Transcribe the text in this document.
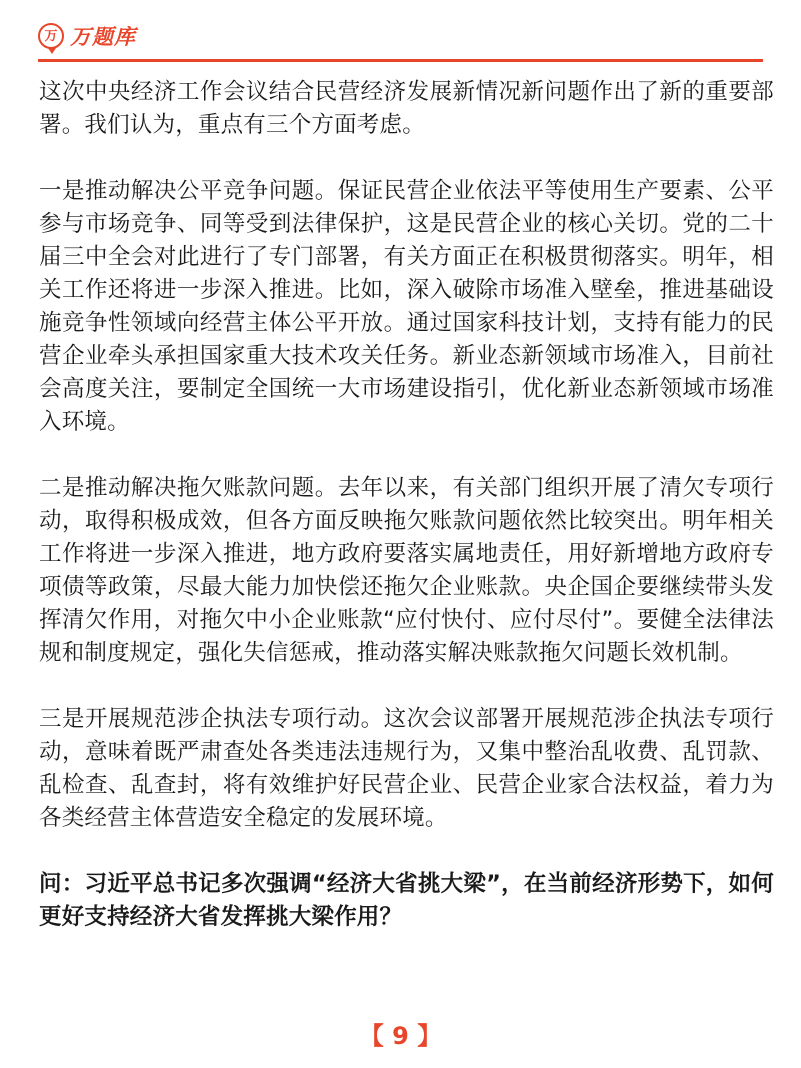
万 万题库

这次中央经济工作会议结合民营经济发展新情况新问题作出了新的重要部署。我们认为，重点有三个方面考虑。

一是推动解决公平竞争问题。保证民营企业依法平等使用生产要素、公平参与市场竞争、同等受到法律保护，这是民营企业的核心关切。党的二十届三中全会对此进行了专门部署，有关方面正在积极贯彻落实。明年，相关工作还将进一步深入推进。比如，深入破除市场准入壁垒，推进基础设施竞争性领域向经营主体公平开放。通过国家科技计划，支持有能力的民营企业牵头承担国家重大技术攻关任务。新业态新领域市场准入，目前社会高度关注，要制定全国统一大市场建设指引，优化新业态新领域市场准入环境。

二是推动解决拖欠账款问题。去年以来，有关部门组织开展了清欠专项行动，取得积极成效，但各方面反映拖欠账款问题依然比较突出。明年相关工作将进一步深入推进，地方政府要落实属地责任，用好新增地方政府专项债等政策，尽最大能力加快偿还拖欠企业账款。央企国企要继续带头发挥清欠作用，对拖欠中小企业账款“应付快付、应付尽付”。要健全法律法规和制度规定，强化失信惩戒，推动落实解决账款拖欠问题长效机制。

三是开展规范涉企执法专项行动。这次会议部署开展规范涉企执法专项行动，意味着既严肃查处各类违法违规行为，又集中整治乱收费、乱罚款、乱检查、乱查封，将有效维护好民营企业、民营企业家合法权益，着力为各类经营主体营造安全稳定的发展环境。

问：习近平总书记多次强调“经济大省挑大梁”，在当前经济形势下，如何更好支持经济大省发挥挑大梁作用？

【 9 】
